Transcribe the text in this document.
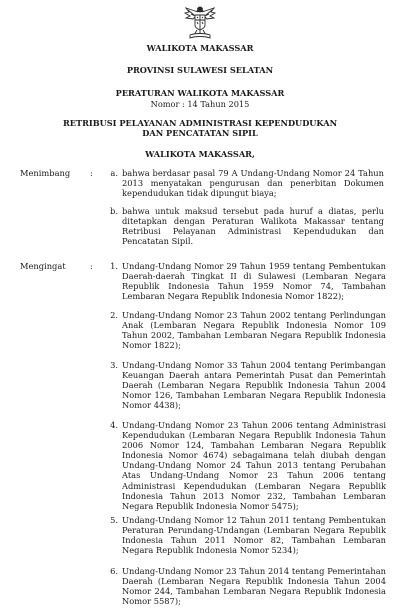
WALIKOTA MAKASSAR
PROVINSI SULAWESI SELATAN
PERATURAN WALIKOTA MAKASSAR
Nomor : 14 Tahun 2015
RETRIBUSI PELAYANAN ADMINISTRASI KEPENDUDUKAN
DAN PENCATATAN SIPIL
WALIKOTA MAKASSAR,
Menimbang :	a. bahwa berdasar pasal 79 A Undang-Undang Nomor 24 Tahun 2013 menyatakan pengurusan dan penerbitan Dokumen kependudukan tidak dipungut biaya;
b. bahwa untuk maksud tersebut pada huruf a diatas, perlu ditetapkan dengan Peraturan Walikota Makassar tentang Retribusi Pelayanan Administrasi Kependudukan dan Pencatatan Sipil.
Mengingat	:	1. Undang-Undang Nomor 29 Tahun 1959 tentang Pembentukan Daerah-daerah Tingkat II di Sulawesi (Lembaran Negara Republik Indonesia Tahun 1959 Nomor 74, Tambahan Lembaran Negara Republik Indonesia Nomor 1822);
2. Undang-Undang Nomor 23 Tahun 2002 tentang Perlindungan Anak (Lembaran Negara Republik Indonesia Nomor 109 Tahun 2002, Tambahan Lembaran Negara Republik Indonesia Nomor 1822);
3. Undang-Undang Nomor 33 Tahun 2004 tentang Perimbangan Keuangan Daerah antara Pemerintah Pusat dan Pemerintah Daerah (Lembaran Negara Republik Indonesia Tahun 2004 Nomor 126, Tambahan Lembaran Negara Republik Indonesia Nomor 4438);
4. Undang-Undang Nomor 23 Tahun 2006 tentang Administrasi Kependudukan (Lembaran Negara Republik Indonesia Tahun 2006 Nomor 124, Tambahan Lembaran Negara Republik Indonesia Nomor 4674) sebagaimana telah diubah dengan Undang-Undang Nomor 24 Tahun 2013 tentang Perubahan Atas Undang-Undang Nomor 23 Tahun 2006 tentang Administrasi Kependudukan (Lembaran Negara Republik Indonesia Tahun 2013 Nomor 232, Tambahan Lembaran Negara Republik Indonesia Nomor 5475);
5. Undang-Undang Nomor 12 Tahun 2011 tentang Pembentukan Peraturan Perundang-Undangan (Lembaran Negara Republik Indonesia Tahun 2011 Nomor 82, Tambahan Lembaran Negara Republik Indonesia Nomor 5234);
6. Undang-Undang Nomor 23 Tahun 2014 tentang Pemerintahan Daerah (Lembaran Negara Republik Indonesia Tahun 2004 Nomor 244, Tambahan Lembaran Negara Republik Indonesia Nomor 5587);
